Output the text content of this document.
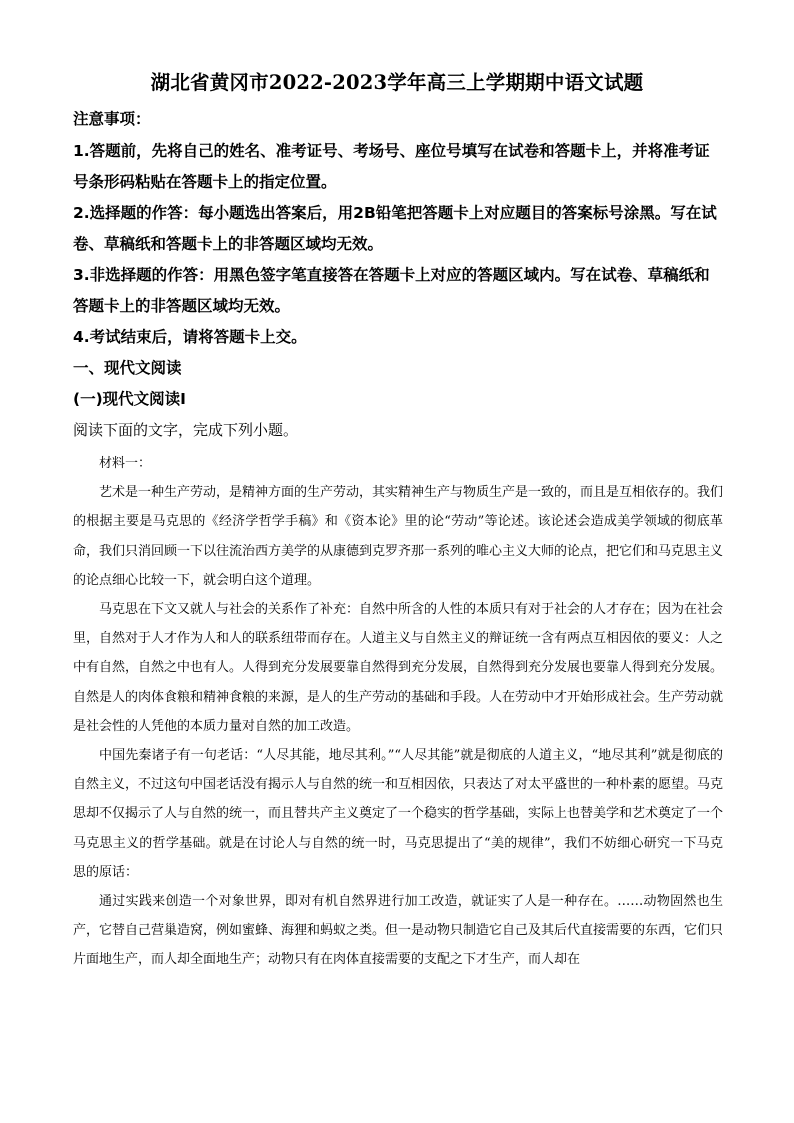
湖北省黄冈市2022-2023学年高三上学期期中语文试题
注意事项：
1.答题前，先将自己的姓名、准考证号、考场号、座位号填写在试卷和答题卡上，并将准考证号条形码粘贴在答题卡上的指定位置。
2.选择题的作答：每小题选出答案后，用2B铅笔把答题卡上对应题目的答案标号涂黑。写在试卷、草稿纸和答题卡上的非答题区域均无效。
3.非选择题的作答：用黑色签字笔直接答在答题卡上对应的答题区域内。写在试卷、草稿纸和答题卡上的非答题区域均无效。
4.考试结束后，请将答题卡上交。
一、现代文阅读
(一)现代文阅读Ⅰ
阅读下面的文字，完成下列小题。

材料一：

艺术是一种生产劳动，是精神方面的生产劳动，其实精神生产与物质生产是一致的，而且是互相依存的。我们的根据主要是马克思的《经济学哲学手稿》和《资本论》里的论“劳动”等论述。该论述会造成美学领域的彻底革命，我们只消回顾一下以往流治西方美学的从康德到克罗齐那一系列的唯心主义大师的论点，把它们和马克思主义的论点细心比较一下，就会明白这个道理。

马克思在下文又就人与社会的关系作了补充：自然中所含的人性的本质只有对于社会的人才存在；因为在社会里，自然对于人才作为人和人的联系纽带而存在。人道主义与自然主义的辩证统一含有两点互相因依的要义：人之中有自然，自然之中也有人。人得到充分发展要靠自然得到充分发展，自然得到充分发展也要靠人得到充分发展。自然是人的肉体食粮和精神食粮的来源，是人的生产劳动的基础和手段。人在劳动中才开始形成社会。生产劳动就是社会性的人凭他的本质力量对自然的加工改造。

中国先秦诸子有一句老话：“人尽其能，地尽其利。”“人尽其能”就是彻底的人道主义，“地尽其利”就是彻底的自然主义，不过这句中国老话没有揭示人与自然的统一和互相因依，只表达了对太平盛世的一种朴素的愿望。马克思却不仅揭示了人与自然的统一，而且替共产主义奠定了一个稳实的哲学基础，实际上也替美学和艺术奠定了一个马克思主义的哲学基础。就是在讨论人与自然的统一时，马克思提出了“美的规律”，我们不妨细心研究一下马克思的原话：

通过实践来创造一个对象世界，即对有机自然界进行加工改造，就证实了人是一种存在。……动物固然也生产，它替自己营巢造窝，例如蜜蜂、海狸和蚂蚁之类。但一是动物只制造它自己及其后代直接需要的东西，它们只片面地生产，而人却全面地生产；动物只有在肉体直接需要的支配之下才生产，而人却在
